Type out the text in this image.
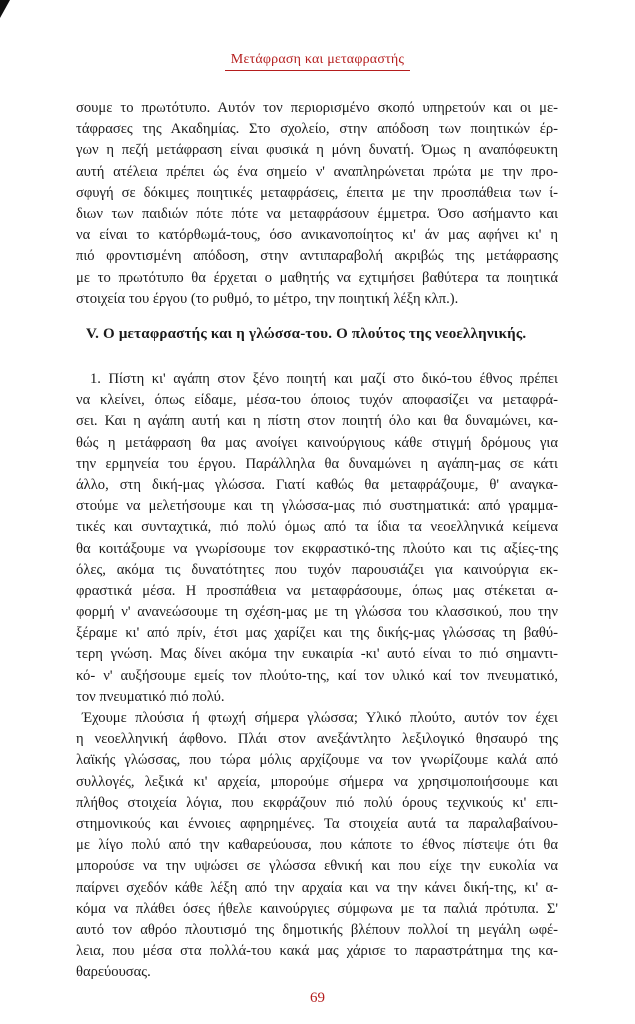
Μετάφραση και μεταφραστής
σουμε το πρωτότυπο. Αυτόν τον περιορισμένο σκοπό υπηρετούν και οι με-
τάφρασες της Ακαδημίας. Στο σχολείο, στην απόδοση των ποιητικών έρ-
γων η πεζή μετάφραση είναι φυσικά η μόνη δυνατή. Όμως η αναπόφευκτη
αυτή ατέλεια πρέπει ώς ένα σημείο ν' αναπληρώνεται πρώτα με την προ-
σφυγή σε δόκιμες ποιητικές μεταφράσεις, έπειτα με την προσπάθεια των ί-
διων των παιδιών πότε πότε να μεταφράσουν έμμετρα. Όσο ασήμαντο και
να είναι το κατόρθωμά-τους, όσο ανικανοποίητος κι' άν μας αφήνει κι' η
πιό φροντισμένη απόδοση, στην αντιπαραβολή ακριβώς της μετάφρασης
με το πρωτότυπο θα έρχεται ο μαθητής να εχτιμήσει βαθύτερα τα ποιητικά
στοιχεία του έργου (το ρυθμό, το μέτρο, την ποιητική λέξη κλπ.).
V. Ο μεταφραστής και η γλώσσα-του. Ο πλούτος της νεοελληνικής.
1. Πίστη κι' αγάπη στον ξένο ποιητή και μαζί στο δικό-του έθνος πρέπει
να κλείνει, όπως είδαμε, μέσα-του όποιος τυχόν αποφασίζει να μεταφρά-
σει. Και η αγάπη αυτή και η πίστη στον ποιητή όλο και θα δυναμώνει, κα-
θώς η μετάφραση θα μας ανοίγει καινούργιους κάθε στιγμή δρόμους για
την ερμηνεία του έργου. Παράλληλα θα δυναμώνει η αγάπη-μας σε κάτι
άλλο, στη δική-μας γλώσσα. Γιατί καθώς θα μεταφράζουμε, θ' αναγκα-
στούμε να μελετήσουμε και τη γλώσσα-μας πιό συστηματικά: από γραμμα-
τικές και συνταχτικά, πιό πολύ όμως από τα ίδια τα νεοελληνικά κείμενα
θα κοιτάξουμε να γνωρίσουμε τον εκφραστικό-της πλούτο και τις αξίες-της
όλες, ακόμα τις δυνατότητες που τυχόν παρουσιάζει για καινούργια εκ-
φραστικά μέσα. Η προσπάθεια να μεταφράσουμε, όπως μας στέκεται α-
φορμή ν' ανανεώσουμε τη σχέση-μας με τη γλώσσα του κλασσικού, που την
ξέραμε κι' από πρίν, έτσι μας χαρίζει και της δικής-μας γλώσσας τη βαθύ-
τερη γνώση. Μας δίνει ακόμα την ευκαιρία -κι' αυτό είναι το πιό σημαντι-
κό- ν' αυξήσουμε εμείς τον πλούτο-της, καί τον υλικό καί τον πνευματικό,
τον πνευματικό πιό πολύ.
Έχουμε πλούσια ή φτωχή σήμερα γλώσσα; Υλικό πλούτο, αυτόν τον έχει
η νεοελληνική άφθονο. Πλάι στον ανεξάντλητο λεξιλογικό θησαυρό της
λαϊκής γλώσσας, που τώρα μόλις αρχίζουμε να τον γνωρίζουμε καλά από
συλλογές, λεξικά κι' αρχεία, μπορούμε σήμερα να χρησιμοποιήσουμε και
πλήθος στοιχεία λόγια, που εκφράζουν πιό πολύ όρους τεχνικούς κι' επι-
στημονικούς και έννοιες αφηρημένες. Τα στοιχεία αυτά τα παραλαβαίνου-
με λίγο πολύ από την καθαρεύουσα, που κάποτε το έθνος πίστεψε ότι θα
μπορούσε να την υψώσει σε γλώσσα εθνική και που είχε την ευκολία να
παίρνει σχεδόν κάθε λέξη από την αρχαία και να την κάνει δική-της, κι' α-
κόμα να πλάθει όσες ήθελε καινούργιες σύμφωνα με τα παλιά πρότυπα. Σ'
αυτό τον αθρόο πλουτισμό της δημοτικής βλέπουν πολλοί τη μεγάλη ωφέ-
λεια, που μέσα στα πολλά-του κακά μας χάρισε το παραστράτημα της κα-
θαρεύουσας.
69
